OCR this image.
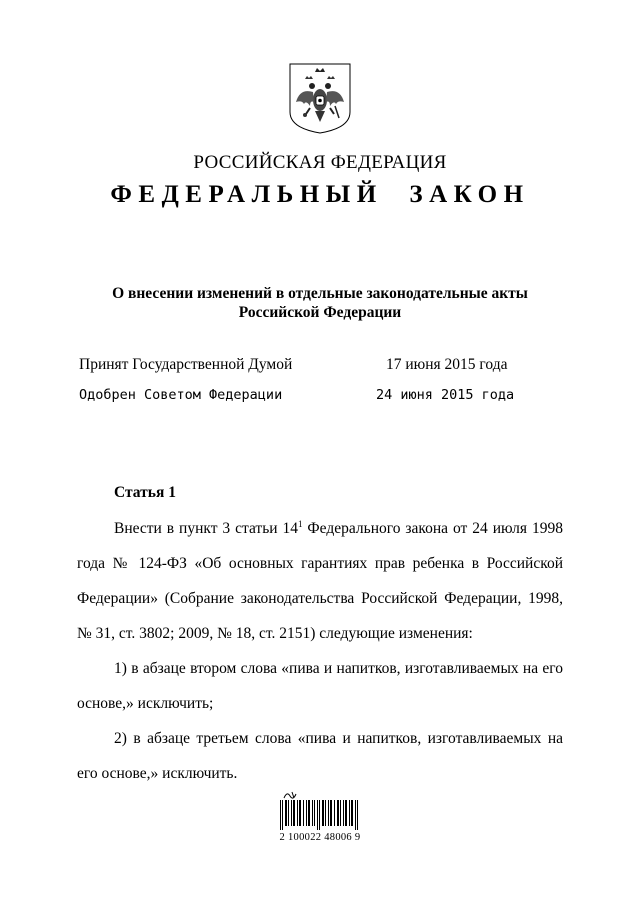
РОССИЙСКАЯ ФЕДЕРАЦИЯ
ФЕДЕРАЛЬНЫЙ ЗАКОН
О внесении изменений в отдельные законодательные акты
Российской Федерации
Принят Государственной Думой	17 июня 2015 года
Одобрен Советом Федерации	24 июня 2015 года
Статья 1

Внести в пункт 3 статьи $14^1$ Федерального закона от 24 июля 1998 года № 124-ФЗ «Об основных гарантиях прав ребенка в Российской Федерации» (Собрание законодательства Российской Федерации, 1998, № 31, ст. 3802; 2009, № 18, ст. 2151) следующие изменения:

1) в абзаце втором слова «пива и напитков, изготавливаемых на его основе,» исключить;

2) в абзаце третьем слова «пива и напитков, изготавливаемых на его основе,» исключить.

2 100022 48006 9
